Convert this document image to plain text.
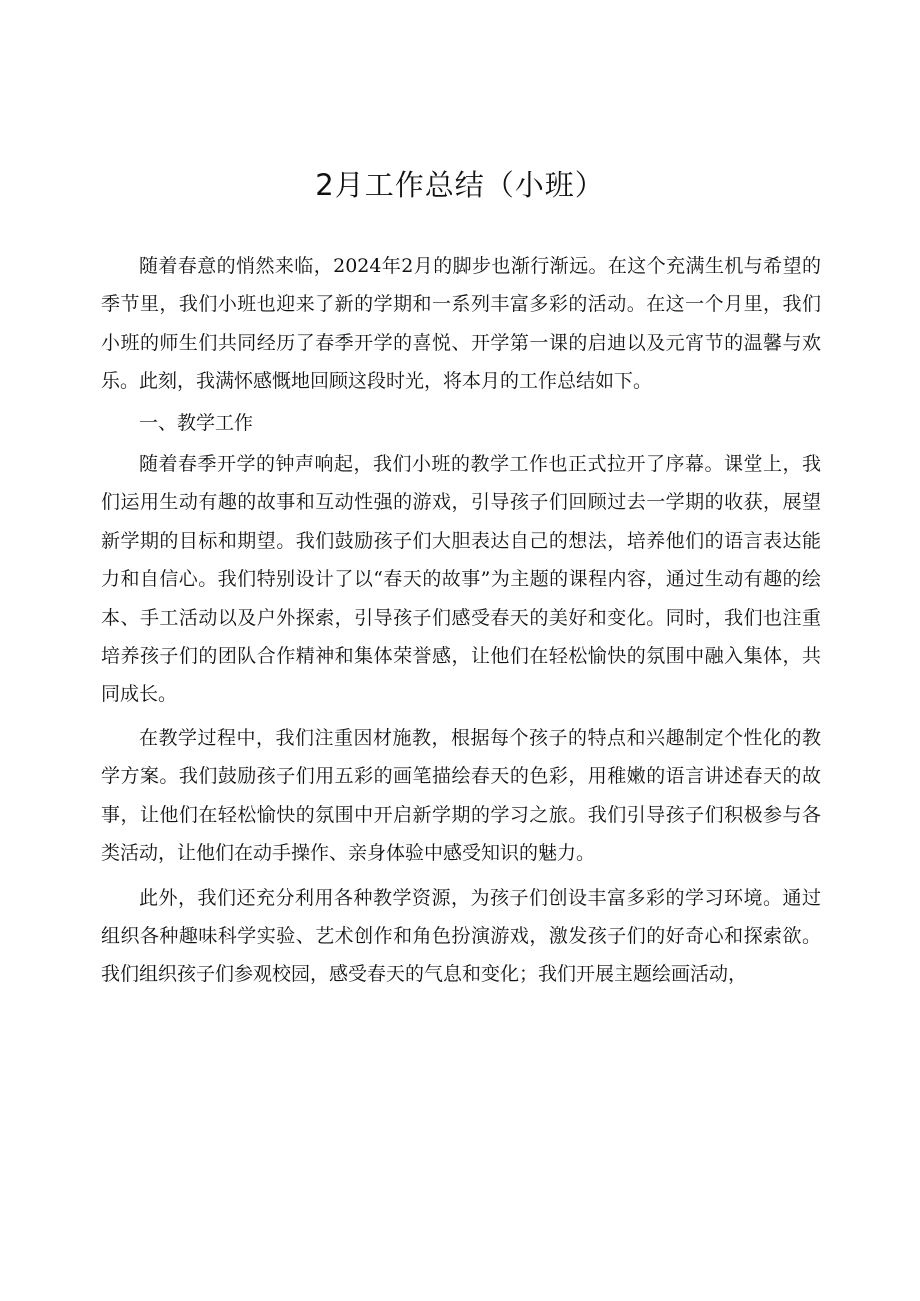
2月工作总结（小班）

随着春意的悄然来临，2024年2月的脚步也渐行渐远。在这个充满生机与希望的季节里，我们小班也迎来了新的学期和一系列丰富多彩的活动。在这一个月里，我们小班的师生们共同经历了春季开学的喜悦、开学第一课的启迪以及元宵节的温馨与欢乐。此刻，我满怀感慨地回顾这段时光，将本月的工作总结如下。

一、教学工作

随着春季开学的钟声响起，我们小班的教学工作也正式拉开了序幕。课堂上，我们运用生动有趣的故事和互动性强的游戏，引导孩子们回顾过去一学期的收获，展望新学期的目标和期望。我们鼓励孩子们大胆表达自己的想法，培养他们的语言表达能力和自信心。我们特别设计了以“春天的故事”为主题的课程内容，通过生动有趣的绘本、手工活动以及户外探索，引导孩子们感受春天的美好和变化。同时，我们也注重培养孩子们的团队合作精神和集体荣誉感，让他们在轻松愉快的氛围中融入集体，共同成长。

在教学过程中，我们注重因材施教，根据每个孩子的特点和兴趣制定个性化的教学方案。我们鼓励孩子们用五彩的画笔描绘春天的色彩，用稚嫩的语言讲述春天的故事，让他们在轻松愉快的氛围中开启新学期的学习之旅。我们引导孩子们积极参与各类活动，让他们在动手操作、亲身体验中感受知识的魅力。

此外，我们还充分利用各种教学资源，为孩子们创设丰富多彩的学习环境。通过组织各种趣味科学实验、艺术创作和角色扮演游戏，激发孩子们的好奇心和探索欲。我们组织孩子们参观校园，感受春天的气息和变化；我们开展主题绘画活动，
